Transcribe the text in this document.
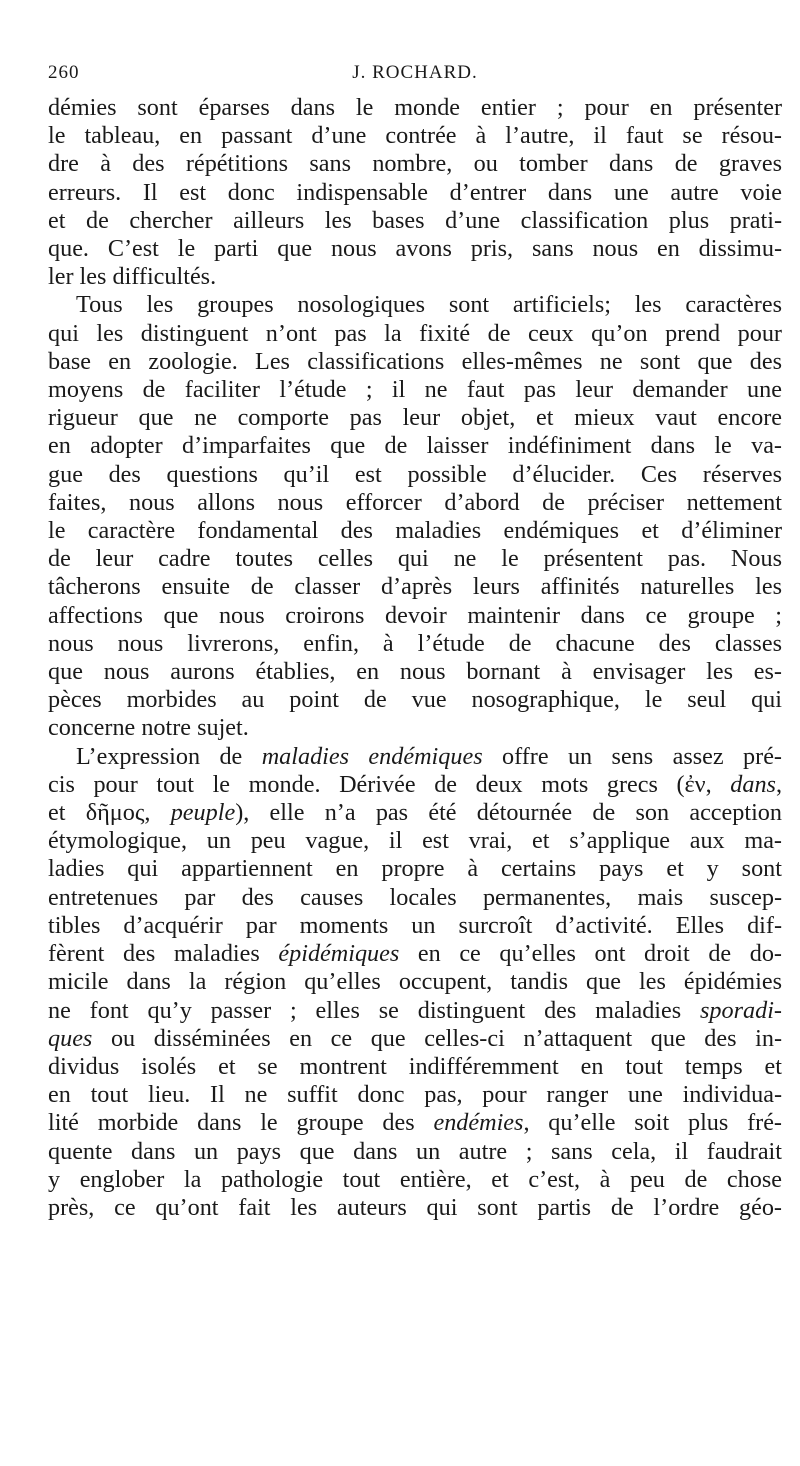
260	J. ROCHARD.
démies sont éparses dans le monde entier ; pour en présenter
le tableau, en passant d’une contrée à l’autre, il faut se résou-
dre à des répétitions sans nombre, ou tomber dans de graves
erreurs. Il est donc indispensable d’entrer dans une autre voie
et de chercher ailleurs les bases d’une classification plus prati-
que. C’est le parti que nous avons pris, sans nous en dissimu-
ler les difficultés.
Tous les groupes nosologiques sont artificiels; les caractères
qui les distinguent n’ont pas la fixité de ceux qu’on prend pour
base en zoologie. Les classifications elles-mêmes ne sont que des
moyens de faciliter l’étude ; il ne faut pas leur demander une
rigueur que ne comporte pas leur objet, et mieux vaut encore
en adopter d’imparfaites que de laisser indéfiniment dans le va-
gue des questions qu’il est possible d’élucider. Ces réserves
faites, nous allons nous efforcer d’abord de préciser nettement
le caractère fondamental des maladies endémiques et d’éliminer
de leur cadre toutes celles qui ne le présentent pas. Nous
tâcherons ensuite de classer d’après leurs affinités naturelles les
affections que nous croirons devoir maintenir dans ce groupe ;
nous nous livrerons, enfin, à l’étude de chacune des classes
que nous aurons établies, en nous bornant à envisager les es-
pèces morbides au point de vue nosographique, le seul qui
concerne notre sujet.
L’expression de maladies endémiques offre un sens assez pré-
cis pour tout le monde. Dérivée de deux mots grecs (ἐν, dans,
et δῆμος, peuple), elle n’a pas été détournée de son acception
étymologique, un peu vague, il est vrai, et s’applique aux ma-
ladies qui appartiennent en propre à certains pays et y sont
entretenues par des causes locales permanentes, mais suscep-
tibles d’acquérir par moments un surcroît d’activité. Elles dif-
fèrent des maladies épidémiques en ce qu’elles ont droit de do-
micile dans la région qu’elles occupent, tandis que les épidémies
ne font qu’y passer ; elles se distinguent des maladies sporadi-
ques ou disséminées en ce que celles-ci n’attaquent que des in-
dividus isolés et se montrent indifféremment en tout temps et
en tout lieu. Il ne suffit donc pas, pour ranger une individua-
lité morbide dans le groupe des endémies, qu’elle soit plus fré-
quente dans un pays que dans un autre ; sans cela, il faudrait
y englober la pathologie tout entière, et c’est, à peu de chose
près, ce qu’ont fait les auteurs qui sont partis de l’ordre géo-
